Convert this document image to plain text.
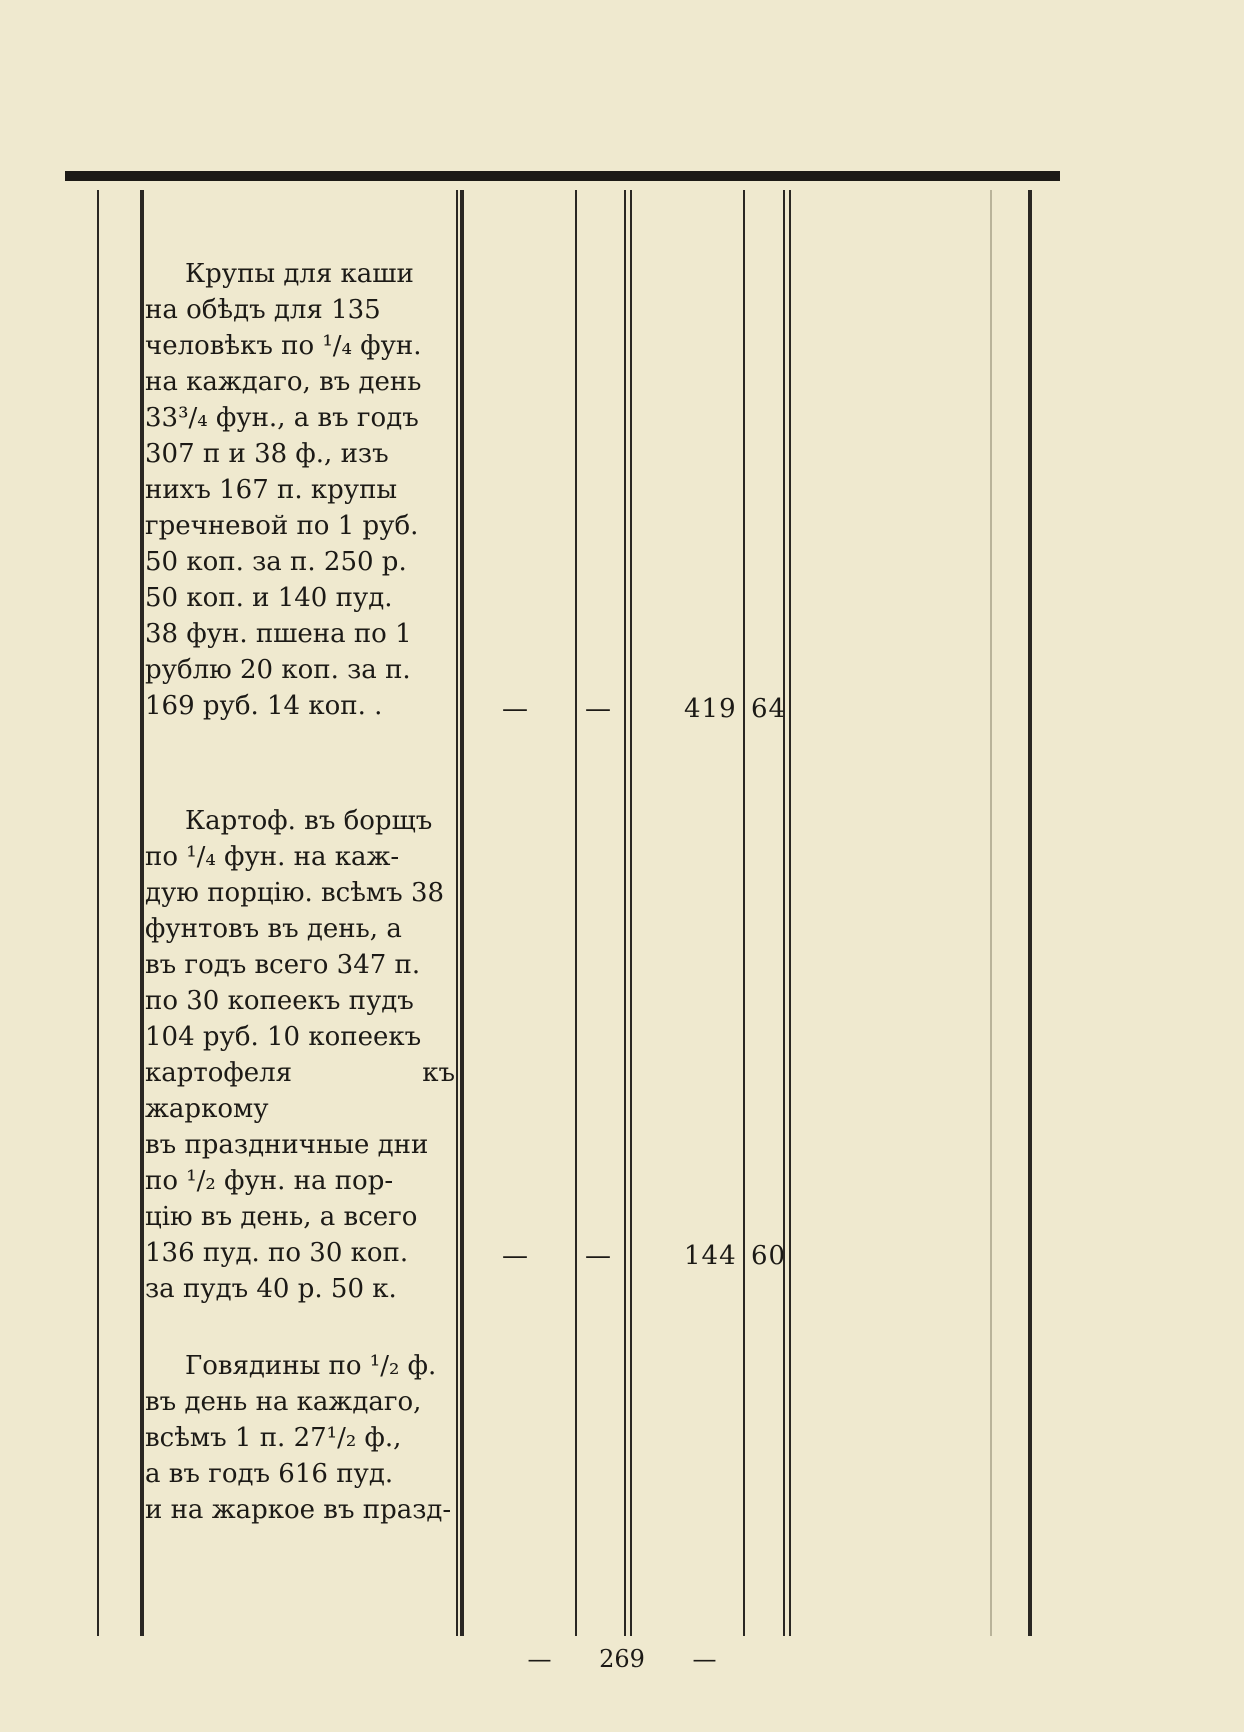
Крупы для каши

на обѣдъ для 135

человѣкъ по ¹/₄ фун.

на каждаго, въ день

33³/₄ фун., а въ годъ

307 п и 38 ф., изъ

нихъ 167 п. крупы

гречневой по 1 руб.

50 коп. за п. 250 р.

50 коп. и 140 пуд.

38 фун. пшена по 1

рублю 20 коп. за п.

169 руб. 14 коп. .	— —	419 64

Картоф. въ борщъ

по ¹/₄ фун. на каж-

дую порцію. всѣмъ 38

фунтовъ въ день, а

въ годъ всего 347 п.

по 30 копеекъ пудъ

104 руб. 10 копеекъ

картофеля къ жаркому

въ праздничные дни

по ¹/₂ фун. на пор-

цію въ день, а всего

136 пуд. по 30 коп.

за пудъ 40 р. 50 к.

— —	144 60

Говядины по ¹/₂ ф.

въ день на каждаго,

всѣмъ 1 п. 27¹/₂ ф.,

а въ годъ 616 пуд.

и на жаркое въ празд-

— 269 —
